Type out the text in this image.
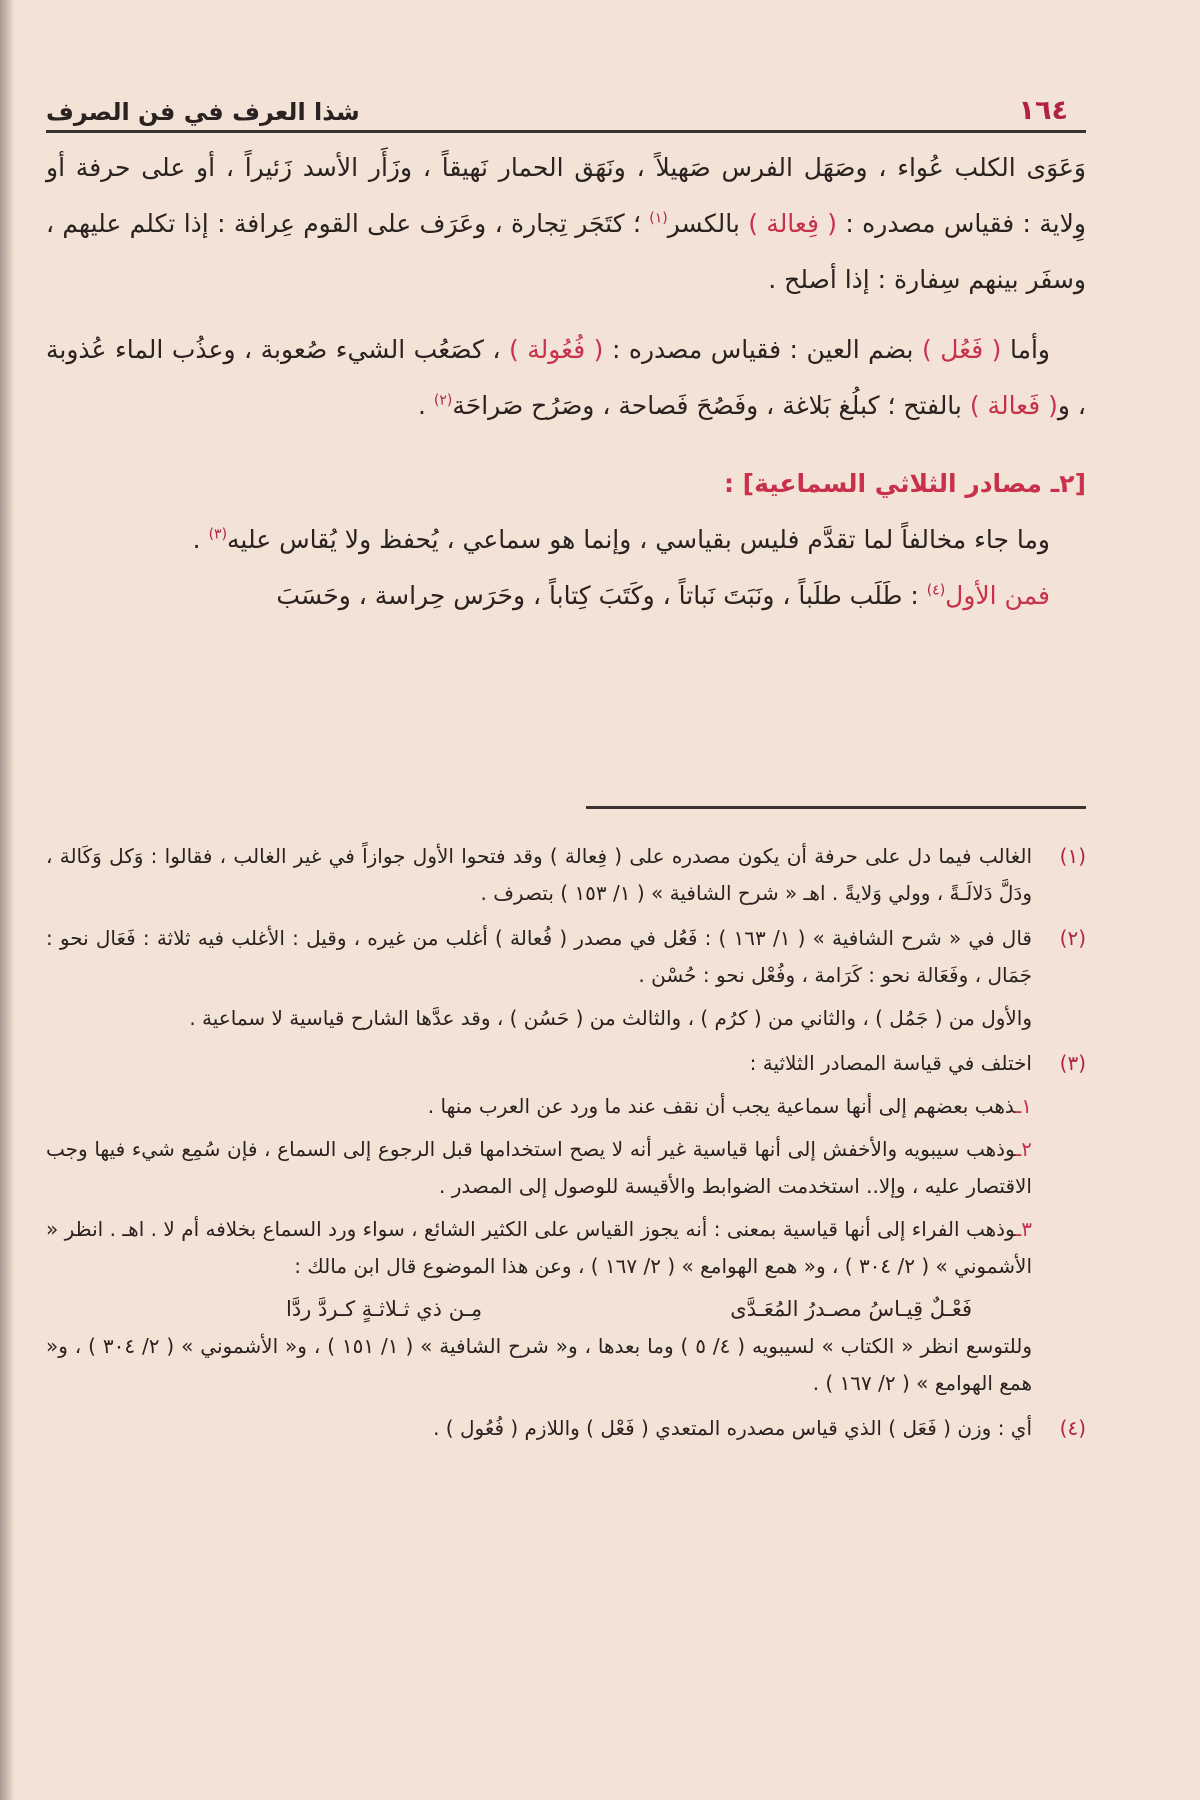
١٦٤
شذا العرف في فن الصرف

وَعَوَى الكلب عُواء ، وصَهَل الفرس صَهيلاً ، ونَهَق الحمار نَهيقاً ، وزَأَر الأسد زَئيراً ، أو على حرفة أو وِلاية : فقياس مصدره : ( فِعالة ) بالكسر$^{(١)}$ ؛ كتَجَر تِجارة ، وعَرَف على القوم عِرافة : إذا تكلم عليهم ، وسفَر بينهم سِفارة : إذا أصلح .

وأما ( فَعُل ) بضم العين : فقياس مصدره : ( فُعُولة ) ، كصَعُب الشيء صُعوبة ، وعذُب الماء عُذوبة ، و( فَعالة ) بالفتح ؛ كبلُغ بَلاغة ، وفَصُحَ فَصاحة ، وصَرُح صَراحَة$^{(٢)}$ .

[٢ـ مصادر الثلاثي السماعية] :

وما جاء مخالفاً لما تقدَّم فليس بقياسي ، وإنما هو سماعي ، يُحفظ ولا يُقاس عليه$^{(٣)}$ .

فمن الأول$^{(٤)}$ : طَلَب طلَباً ، ونَبَتَ نَباتاً ، وكَتَبَ كِتاباً ، وحَرَس حِراسة ، وحَسَبَ

(١)

الغالب فيما دل على حرفة أن يكون مصدره على ( فِعالة ) وقد فتحوا الأول جوازاً في غير الغالب ، فقالوا : وَكل وَكَالة ، ودَلَّ دَلالَـةً ، وولي وَلايةً . اهـ « شرح الشافية » ( ١/ ١٥٣ ) بتصرف .

(٢)

قال في « شرح الشافية » ( ١/ ١٦٣ ) : فَعُل في مصدر ( فُعالة ) أغلب من غيره ، وقيل : الأغلب فيه ثلاثة : فَعَال نحو : جَمَال ، وفَعَالة نحو : كَرَامة ، وفُعْل نحو : حُسْن .

والأول من ( جَمُل ) ، والثاني من ( كرُم ) ، والثالث من ( حَسُن ) ، وقد عدَّها الشارح قياسية لا سماعية .

(٣)

اختلف في قياسة المصادر الثلاثية :

١ـذهب بعضهم إلى أنها سماعية يجب أن نقف عند ما ورد عن العرب منها .

٢ـوذهب سيبويه والأخفش إلى أنها قياسية غير أنه لا يصح استخدامها قبل الرجوع إلى السماع ، فإن سُمِع شيء فيها وجب الاقتصار عليه ، وإلا.. استخدمت الضوابط والأقيسة للوصول إلى المصدر .

٣ـوذهب الفراء إلى أنها قياسية بمعنى : أنه يجوز القياس على الكثير الشائع ، سواء ورد السماع بخلافه أم لا . اهـ . انظر « الأشموني » ( ٢/ ٣٠٤ ) ، و« همع الهوامع » ( ٢/ ١٦٧ ) ، وعن هذا الموضوع قال ابن مالك :

فَعْـلٌ قِيـاسُ مصـدرُ المُعَـدَّى
مِـن ذي ثـلاثـةٍ كـردَّ ردَّا

وللتوسع انظر « الكتاب » لسيبويه ( ٤/ ٥ ) وما بعدها ، و« شرح الشافية » ( ١/ ١٥١ ) ، و« الأشموني » ( ٢/ ٣٠٤ ) ، و« همع الهوامع » ( ٢/ ١٦٧ ) .

(٤)

أي : وزن ( فَعَل ) الذي قياس مصدره المتعدي ( فَعْل ) واللازم ( فُعُول ) .
